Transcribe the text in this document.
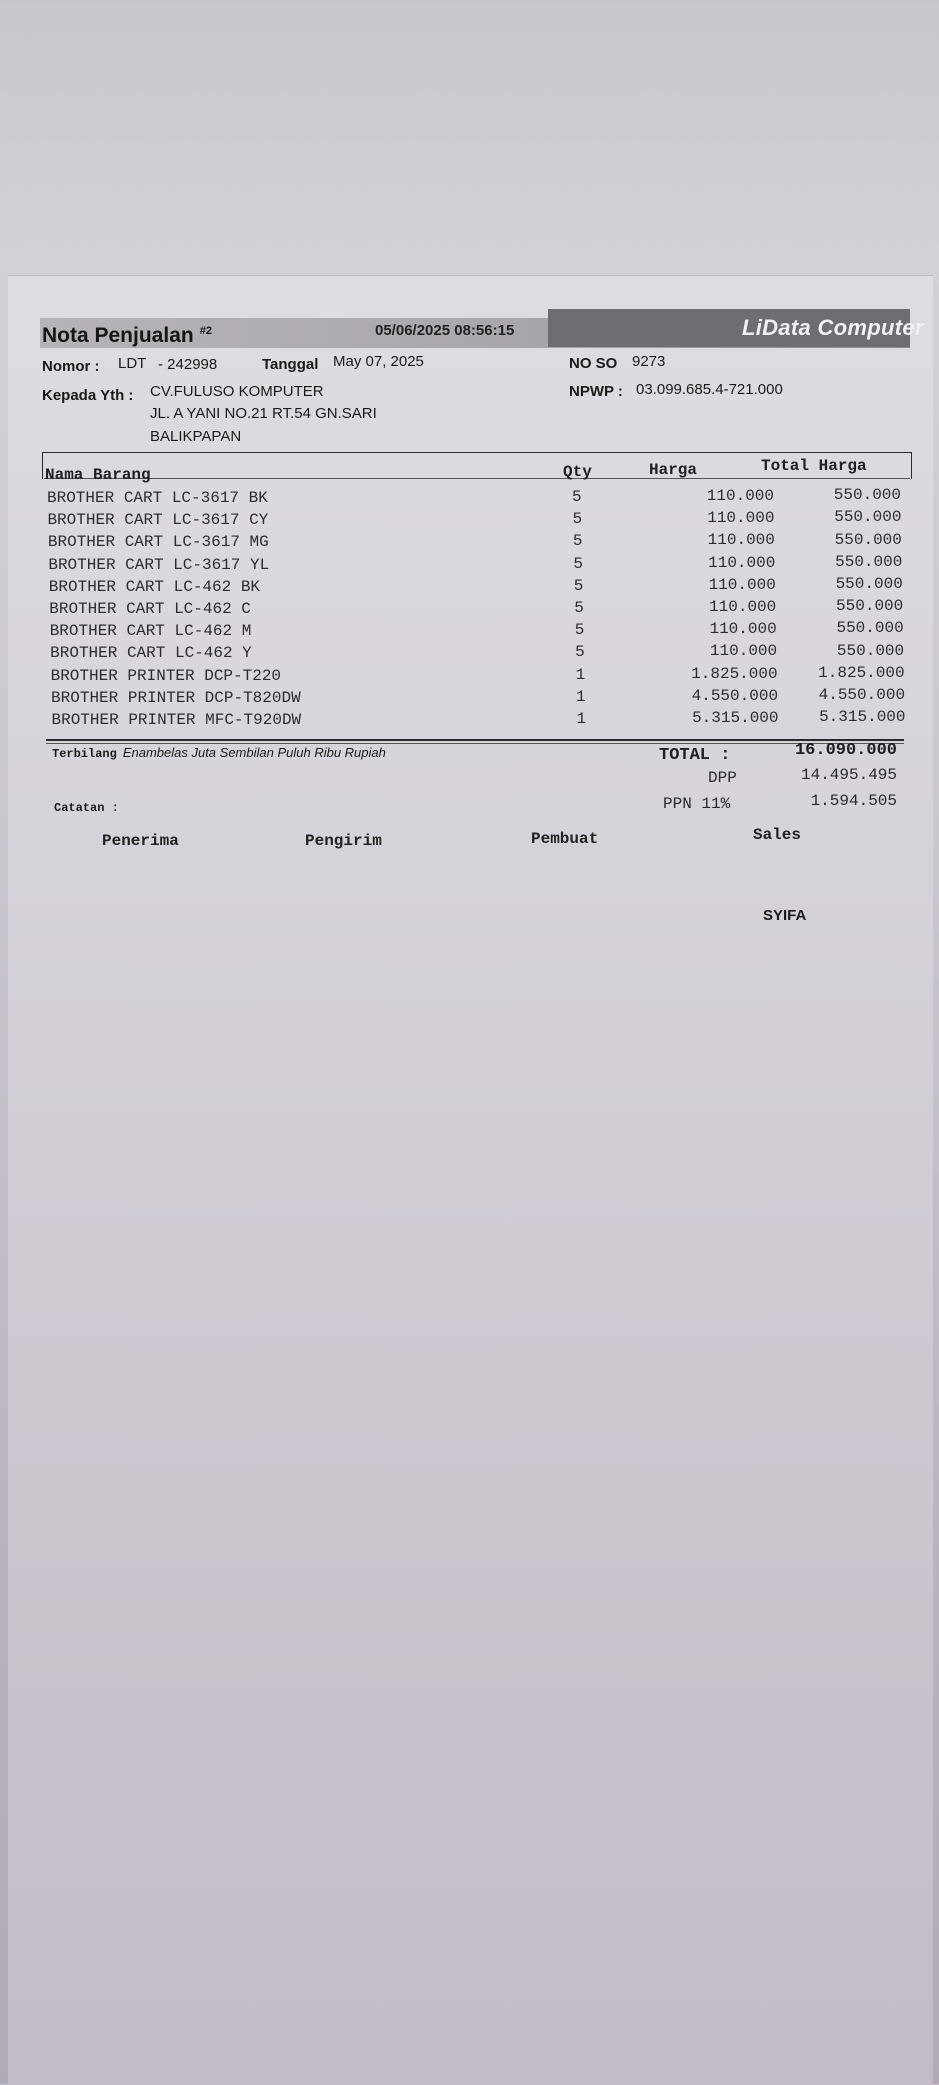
Nota Penjualan $^{\#2}$	05/06/2025 08:56:15	LiData Computer
Nomor : LDT - 242998	Tanggal May 07, 2025	NO SO 9273
Kepada Yth : CV.FULUSO KOMPUTER
JL. A YANI NO.21 RT.54 GN.SARI
BALIKPAPAN
NPWP : 03.099.685.4-721.000
Nama Barang	Qty	Harga	Total Harga
BROTHER CART LC-3617 BK	5	110.000	550.000
BROTHER CART LC-3617 CY	5	110.000	550.000
BROTHER CART LC-3617 MG	5	110.000	550.000
BROTHER CART LC-3617 YL	5	110.000	550.000
BROTHER CART LC-462 BK	5	110.000	550.000
BROTHER CART LC-462 C	5	110.000	550.000
BROTHER CART LC-462 M	5	110.000	550.000
BROTHER CART LC-462 Y	5	110.000	550.000
BROTHER PRINTER DCP-T220	1	1.825.000	1.825.000
BROTHER PRINTER DCP-T820DW	1	4.550.000	4.550.000
BROTHER PRINTER MFC-T920DW	1	5.315.000	5.315.000
Terbilang Enambelas Juta Sembilan Puluh Ribu Rupiah	TOTAL :	16.090.000
DPP	14.495.495
PPN 11%	1.594.505
Catatan :
Penerima	Pengirim	Pembuat	Sales
SYIFA
